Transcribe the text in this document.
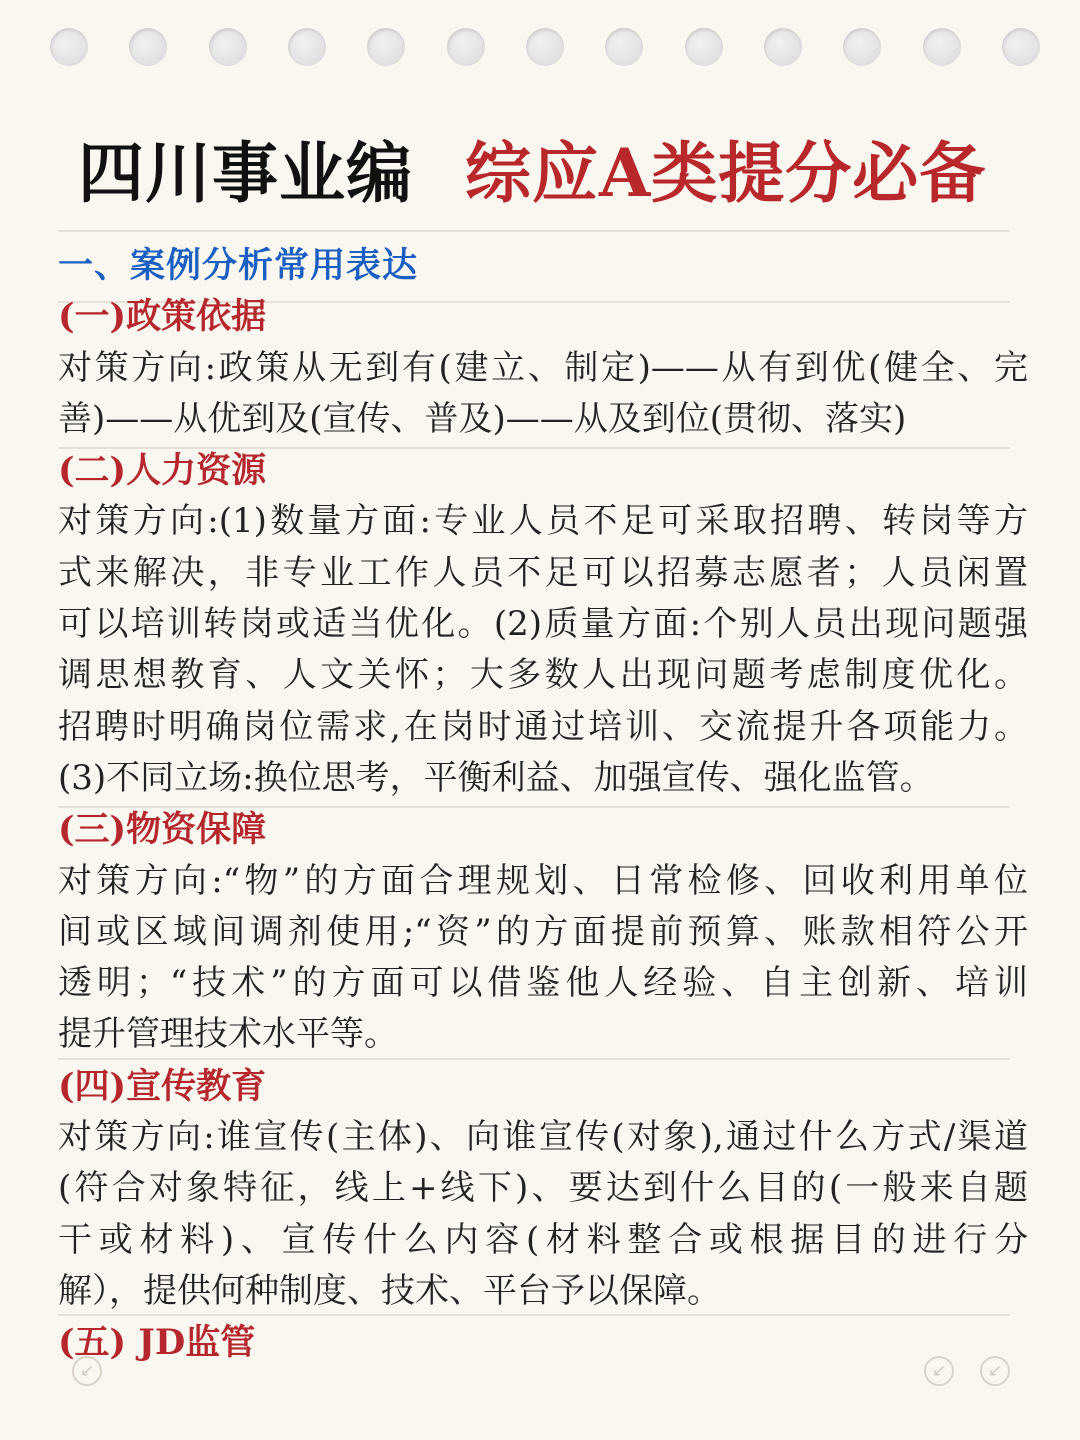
四川事业编 综应A类提分必备
一、案例分析常用表达
(一)政策依据
对策方向:政策从无到有(建立、制定)——从有到优(健全、完
善)——从优到及(宣传、普及)——从及到位(贯彻、落实)
(二)人力资源
对策方向:(1)数量方面:专业人员不足可采取招聘、转岗等方
式来解决，非专业工作人员不足可以招募志愿者；人员闲置
可以培训转岗或适当优化。(2)质量方面:个别人员出现问题强
调思想教育、人文关怀；大多数人出现问题考虑制度优化。
招聘时明确岗位需求,在岗时通过培训、交流提升各项能力。
(3)不同立场:换位思考，平衡利益、加强宣传、强化监管。
(三)物资保障
对策方向:“物”的方面合理规划、日常检修、回收利用单位
间或区域间调剂使用;“资”的方面提前预算、账款相符公开
透明；“技术”的方面可以借鉴他人经验、自主创新、培训
提升管理技术水平等。
(四)宣传教育
对策方向:谁宣传(主体)、向谁宣传(对象),通过什么方式/渠道
(符合对象特征，线上+线下)、要达到什么目的(一般来自题
干或材料)、宣传什么内容(材料整合或根据目的进行分
解），提供何种制度、技术、平台予以保障。
(五) JD监管
↙	↙	↙
